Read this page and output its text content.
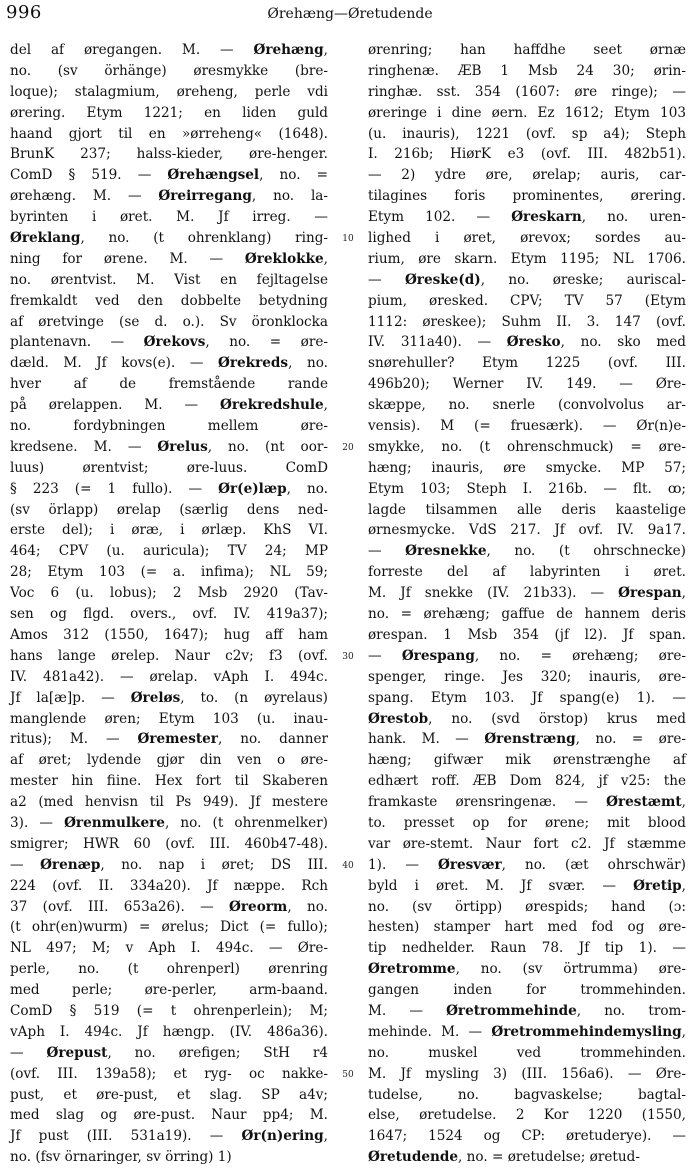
996	Ørehæng—Øretudende
del af øregangen. M. — Ørehæng,
no. (sv örhänge) øresmykke (bre-
loque); stalagmium, øreheng, perle vdi
ørering. Etym 1221; en liden guld
haand gjort til en »ørreheng« (1648).
BrunK 237; halss-kieder, øre-henger.
ComD § 519. — Ørehængsel, no. =
ørehæng. M. — Øreirregang, no. la-
byrinten i øret. M. Jf irreg. —
Øreklang, no. (t ohrenklang) ring-
ning for ørene. M. — Øreklokke,
no. ørentvist. M. Vist en fejltagelse
fremkaldt ved den dobbelte betydning
af øretvinge (se d. o.). Sv öronklocka
plantenavn. — Ørekovs, no. = øre-
dæld. M. Jf kovs(e). — Ørekreds, no.
hver af de fremstående rande
på ørelappen. M. — Ørekredshule,
no. fordybningen mellem øre-
kredsene. M. — Ørelus, no. (nt oor-
luus) ørentvist; øre-luus. ComD
§ 223 (= 1 fullo). — Ør(e)læp, no.
(sv örlapp) ørelap (særlig dens ned-
erste del); i øræ, i ørlæp. KhS VI.
464; CPV (u. auricula); TV 24; MP
28; Etym 103 (= a. infima); NL 59;
Voc 6 (u. lobus); 2 Msb 2920 (Tav-
sen og flgd. overs., ovf. IV. 419a37);
Amos 312 (1550, 1647); hug aff ham
hans lange ørelep. Naur c2v; f3 (ovf.
IV. 481a42). — ørelap. vAph I. 494c.
Jf la[æ]p. — Øreløs, to. (n øyrelaus)
manglende øren; Etym 103 (u. inau-
ritus); M. — Øremester, no. danner
af øret; lydende gjør din ven o øre-
mester hin fiine. Hex fort til Skaberen
a2 (med henvisn til Ps 949). Jf mestere
3). — Ørenmulkere, no. (t ohrenmelker)
smigrer; HWR 60 (ovf. III. 460b47-48).
— Ørenæp, no. nap i øret; DS III.
224 (ovf. II. 334a20). Jf næppe. Rch
37 (ovf. III. 653a26). — Øreorm, no.
(t ohr(en)wurm) = ørelus; Dict (= fullo);
NL 497; M; v Aph I. 494c. — Øre-
perle, no. (t ohrenperl) ørenring
med perle; øre-perler, arm-baand.
ComD § 519 (= t ohrenperlein); M;
vAph I. 494c. Jf hængp. (IV. 486a36).
— Ørepust, no. ørefigen; StH r4
(ovf. III. 139a58); et ryg- oc nakke-
pust, et øre-pust, et slag. SP a4v;
med slag og øre-pust. Naur pp4; M.
Jf pust (III. 531a19). — Ør(n)ering,
no. (fsv örnaringer, sv örring) 1)
ørenring; han haffdhe seet ørnæ
ringhenæ. ÆB 1 Msb 24 30; ørin-
ringhæ. sst. 354 (1607: øre ringe); —
øreringe i dine øern. Ez 1612; Etym 103
(u. inauris), 1221 (ovf. sp a4); Steph
I. 216b; HiørK e3 (ovf. III. 482b51).
— 2) ydre øre, ørelap; auris, car-
tilagines foris prominentes, ørering.
Etym 102. — Øreskarn, no. uren-
lighed i øret, ørevox; sordes au-
rium, øre skarn. Etym 1195; NL 1706.
— Øreske(d), no. øreske; auriscal-
pium, øresked. CPV; TV 57 (Etym
1112: øreskee); Suhm II. 3. 147 (ovf.
IV. 311a40). — Øresko, no. sko med
snørehuller? Etym 1225 (ovf. III.
496b20); Werner IV. 149. — Øre-
skæppe, no. snerle (convolvolus ar-
vensis). M (= fruesærk). — Ør(n)e-
smykke, no. (t ohrenschmuck) = øre-
hæng; inauris, øre smycke. MP 57;
Etym 103; Steph I. 216b. — flt. ꝏ;
lagde tilsammen alle deris kaastelige
ørnesmycke. VdS 217. Jf ovf. IV. 9a17.
— Øresnekke, no. (t ohrschnecke)
forreste del af labyrinten i øret.
M. Jf snekke (IV. 21b33). — Ørespan,
no. = ørehæng; gaffue de hannem deris
ørespan. 1 Msb 354 (jf l2). Jf span.
— Ørespang, no. = ørehæng; øre-
spenger, ringe. Jes 320; inauris, øre-
spang. Etym 103. Jf spang(e) 1). —
Ørestob, no. (svd örstop) krus med
hank. M. — Ørenstræng, no. = øre-
hæng; gifwær mik ørenstrænghe af
edhært roff. ÆB Dom 824, jf v25: the
framkaste ørensringenæ. — Ørestæmt,
to. presset op for ørene; mit blood
var øre-stemt. Naur fort c2. Jf stæmme
1). — Øresvær, no. (æt ohrschwär)
byld i øret. M. Jf svær. — Øretip,
no. (sv örtipp) ørespids; hand (ɔ:
hesten) stamper hart med fod og øre-
tip nedhelder. Raun 78. Jf tip 1). —
Øretromme, no. (sv örtrumma) øre-
gangen inden for trommehinden.
M. — Øretrommehinde, no. trom-
mehinde. M. — Øretrommehindemysling,
no. muskel ved trommehinden.
M. Jf mysling 3) (III. 156a6). — Øre-
tudelse, no. bagvaskelse; bagtal-
else, øretudelse. 2 Kor 1220 (1550,
1647; 1524 og CP: øretuderye). —
Øretudende, no. = øretudelse; øretud-
10
20
30
40
50
